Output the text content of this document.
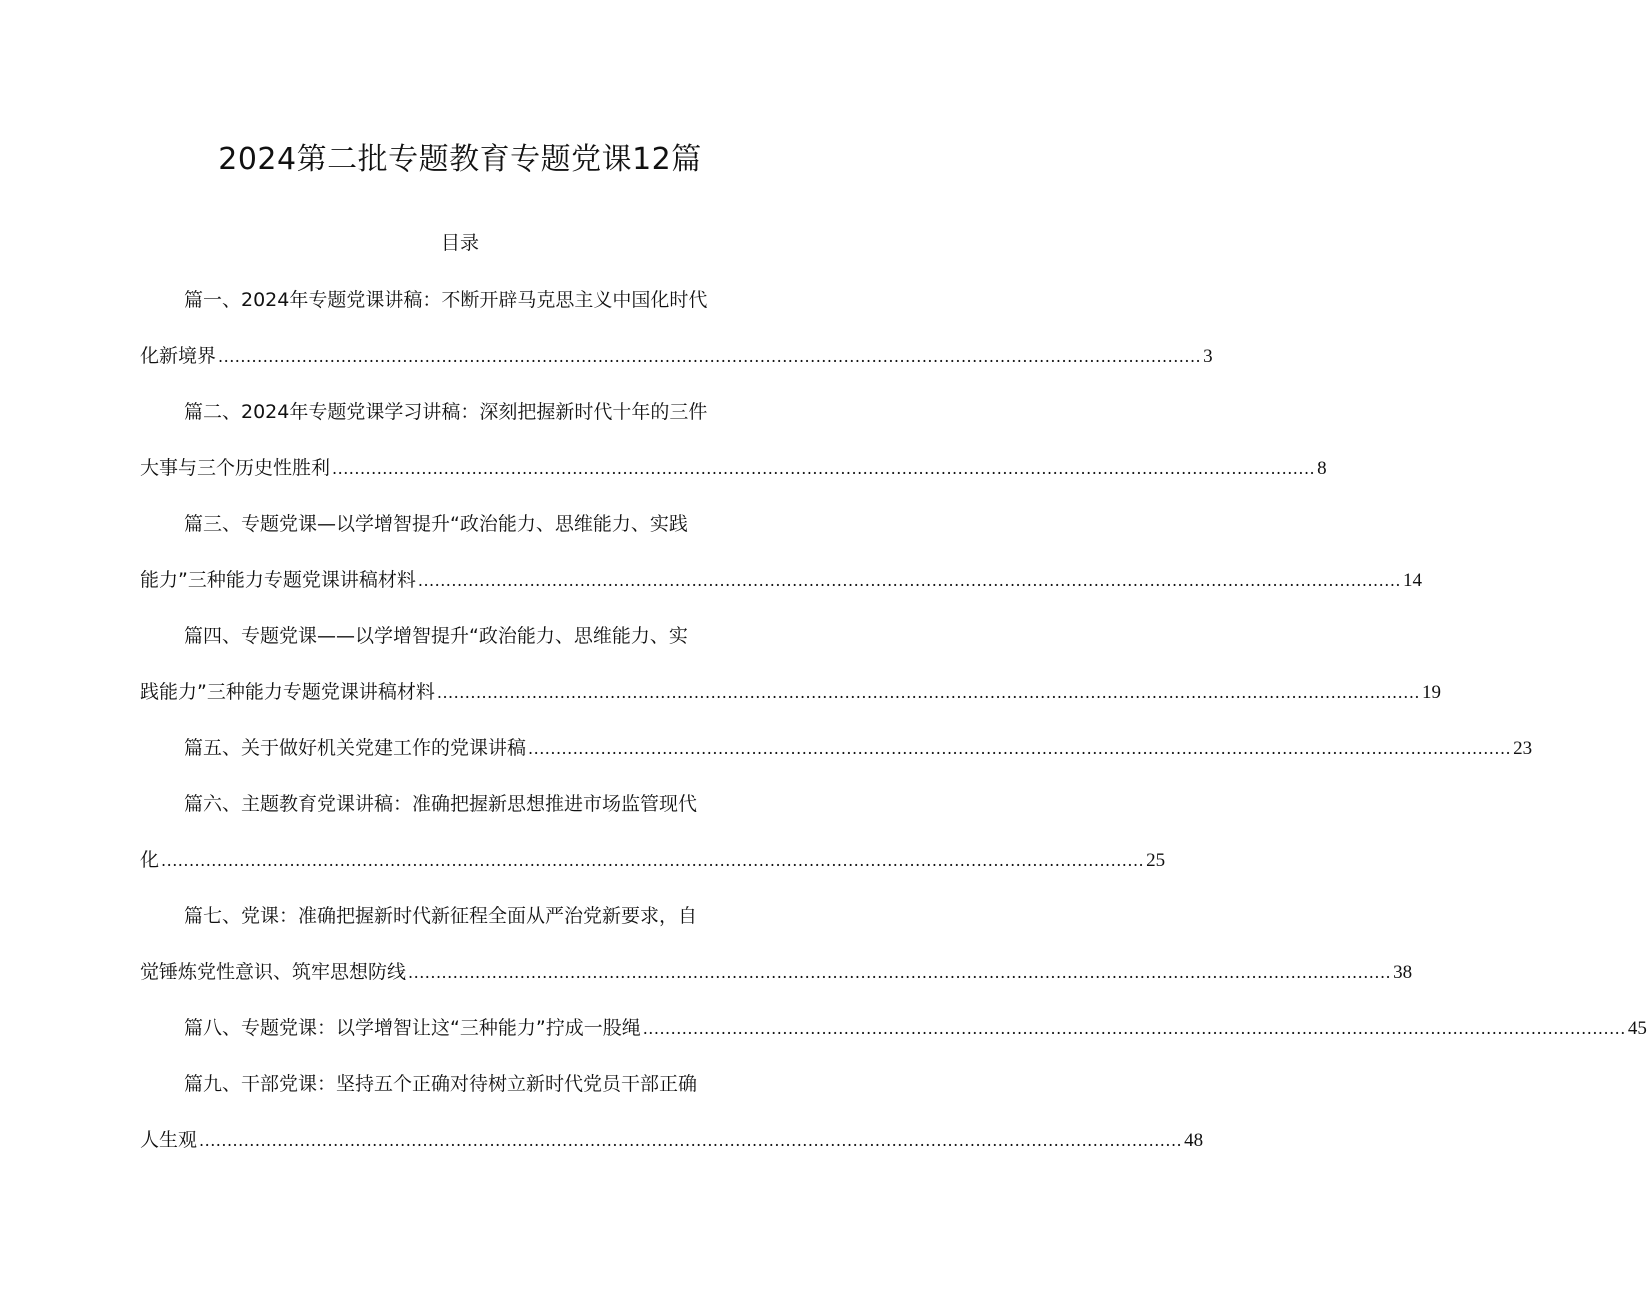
2024第二批专题教育专题党课12篇
目录
篇一、2024年专题党课讲稿：不断开辟马克思主义中国化时代
化新境界 ................................................................................................................................................................................ 3
篇二、2024年专题党课学习讲稿：深刻把握新时代十年的三件
大事与三个历史性胜利 ................................................................................................................................................................................ 8
篇三、专题党课—以学增智提升“政治能力、思维能力、实践
能力”三种能力专题党课讲稿材料 ................................................................................................................................................................................ 14
篇四、专题党课——以学增智提升“政治能力、思维能力、实
践能力”三种能力专题党课讲稿材料 ................................................................................................................................................................................ 19
篇五、关于做好机关党建工作的党课讲稿 ................................................................................................................................................................................ 23
篇六、主题教育党课讲稿：准确把握新思想推进市场监管现代
化 ................................................................................................................................................................................ 25
篇七、党课：准确把握新时代新征程全面从严治党新要求，自
觉锤炼党性意识、筑牢思想防线 ................................................................................................................................................................................ 38
篇八、专题党课：以学增智让这“三种能力”拧成一股绳 ................................................................................................................................................................................ 45
篇九、干部党课：坚持五个正确对待树立新时代党员干部正确
人生观 ................................................................................................................................................................................ 48
